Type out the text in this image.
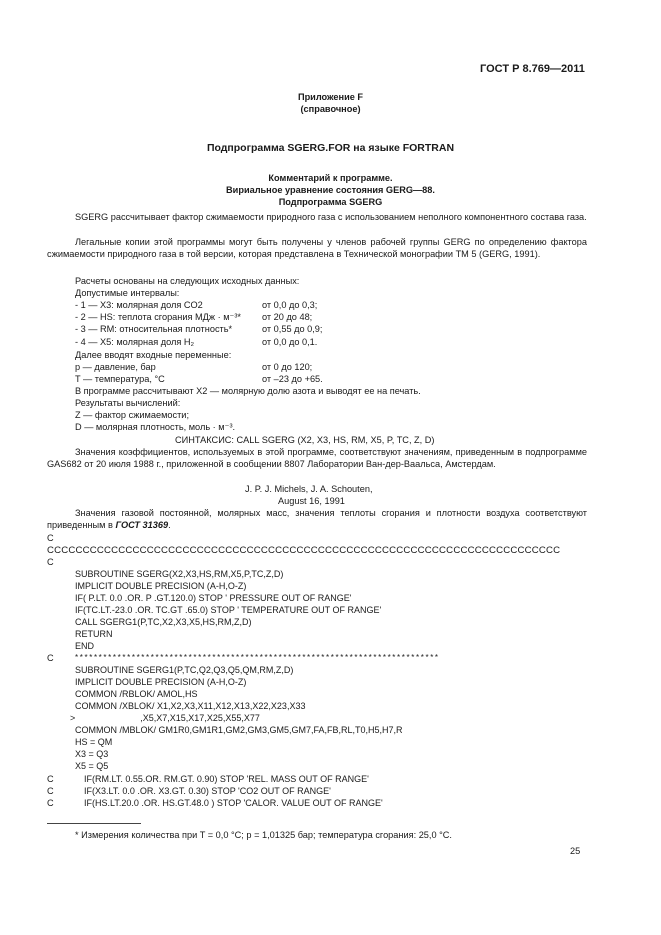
ГОСТ Р 8.769—2011
Приложение F
(справочное)
Подпрограмма SGERG.FOR на языке FORTRAN
Комментарий к программе.
Вириальное уравнение состояния GERG—88.
Подпрограмма SGERG
SGERG рассчитывает фактор сжимаемости природного газа с использованием неполного компонентного состава газа.
Легальные копии этой программы могут быть получены у членов рабочей группы GERG по определению фактора сжимаемости природного газа в той версии, которая представлена в Технической монографии ТМ 5 (GERG, 1991).
Расчеты основаны на следующих исходных данных:
Допустимые интервалы:
- 1 — X3: молярная доля CO2	от 0,0 до 0,3;
- 2 — HS: теплота сгорания МДж · м⁻³* от 20 до 48;
- 3 — RM: относительная плотность*	от 0,55 до 0,9;
- 4 — X5: молярная доля H₂	от 0,0 до 0,1.
Далее вводят входные переменные:
p — давление, бар	от 0 до 120;
T — температура, °C	от –23 до +65.
В программе рассчитывают X2 — молярную долю азота и выводят ее на печать.
Результаты вычислений:
Z — фактор сжимаемости;
D — молярная плотность, моль · м⁻³.
СИНТАКСИС: CALL SGERG (X2, X3, HS, RM, X5, P, TC, Z, D)
Значения коэффициентов, используемых в этой программе, соответствуют значениям, приведенным в подпрограмме GAS682 от 20 июля 1988 г., приложенной в сообщении 8807 Лаборатории Ван-дер-Ваальса, Амстердам.
J. P. J. Michels, J. A. Schouten,
August 16, 1991
Значения газовой постоянной, молярных масс, значения теплоты сгорания и плотности воздуха соответствуют приведенным в ГОСТ 31369.
C
CCCCCCCCCCCCCCCCCCCCCCCCCCCCCCCCCCCCCCCCCCCCCCCCCCCCCCCCCCCCCCCCCCCCCCCC
C
SUBROUTINE SGERG(X2,X3,HS,RM,X5,P,TC,Z,D)
IMPLICIT DOUBLE PRECISION (A-H,O-Z)
IF( P.LT. 0.0 .OR. P .GT.120.0) STOP ' PRESSURE OUT OF RANGE'
IF(TC.LT.-23.0 .OR. TC.GT .65.0) STOP ' TEMPERATURE OUT OF RANGE'
CALL SGERG1(P,TC,X2,X3,X5,HS,RM,Z,D)
RETURN
END
C	* * * * * * * * * * * * * * * * * * * * * * * * * * * * * * * * * * * * * * * * * * * * * * * * * * * * * * * * * * * * * * * * * * * * * * * * * * * * *
SUBROUTINE SGERG1(P,TC,Q2,Q3,Q5,QM,RM,Z,D)
IMPLICIT DOUBLE PRECISION (A-H,O-Z)
COMMON /RBLOK/ AMOL,HS
COMMON /XBLOK/ X1,X2,X3,X11,X12,X13,X22,X23,X33
>                          ,X5,X7,X15,X17,X25,X55,X77
COMMON /MBLOK/ GM1R0,GM1R1,GM2,GM3,GM5,GM7,FA,FB,RL,T0,H5,H7,R
HS = QM
X3 = Q3
X5 = Q5
C	IF(RM.LT. 0.55.OR. RM.GT. 0.90) STOP 'REL. MASS OUT OF RANGE'
C	IF(X3.LT. 0.0 .OR. X3.GT. 0.30) STOP 'CO2 OUT OF RANGE'
C	IF(HS.LT.20.0 .OR. HS.GT.48.0 ) STOP 'CALOR. VALUE OUT OF RANGE'
* Измерения количества при T = 0,0 °C; p = 1,01325 бар; температура сгорания: 25,0 °C.
25
